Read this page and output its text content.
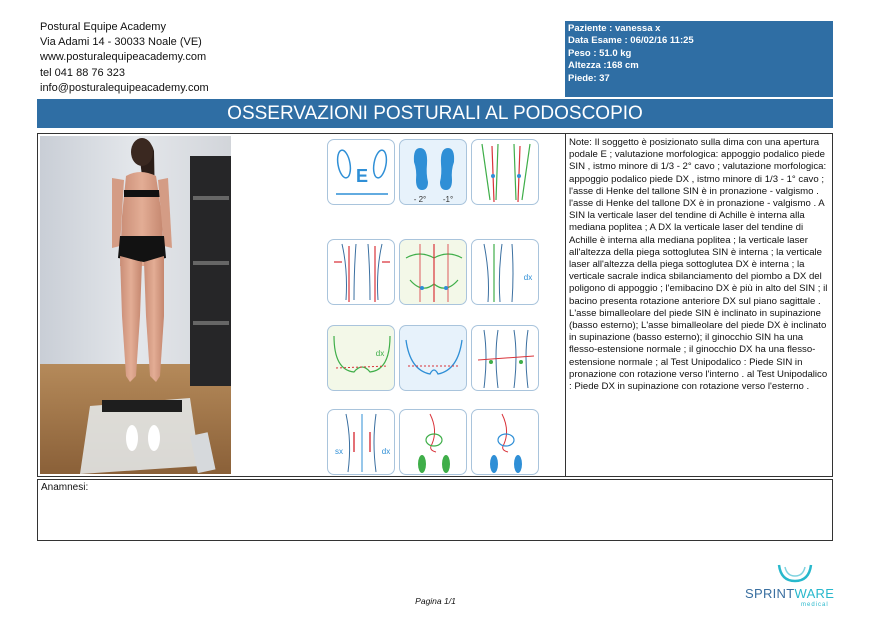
Postural Equipe Academy
Via Adami 14 - 30033 Noale (VE)
www.posturalequipeacademy.com
tel 041 88 76 323
info@posturalequipeacademy.com
Paziente : vanessa x
Data Esame : 06/02/16 11:25
Peso : 51.0 kg
Altezza :168 cm
Piede: 37
OSSERVAZIONI POSTURALI AL PODOSCOPIO
E
- 2° -1°
dx
dx
sx	dx
Note: Il soggetto è posizionato sulla dima con una apertura podale E ; valutazione morfologica: appoggio podalico piede SIN , istmo minore di 1/3 - 2° cavo ; valutazione morfologica: appoggio podalico piede DX , istmo minore di 1/3 - 1° cavo ; l'asse di Henke del tallone SIN è in pronazione - valgismo . l'asse di Henke del tallone DX è in pronazione - valgismo . A SIN la verticale laser del tendine di Achille è interna alla mediana poplitea ; A DX la verticale laser del tendine di Achille è interna alla mediana poplitea ; la verticale laser all'altezza della piega sottoglutea SIN è interna ; la verticale laser all'altezza della piega sottoglutea DX è interna ; la verticale sacrale indica sbilanciamento del piombo a DX del poligono di appoggio ; l'emibacino DX è più in alto del SIN ; il bacino presenta rotazione anteriore DX sul piano sagittale . L'asse bimalleolare del piede SIN è inclinato in supinazione (basso esterno); L'asse bimalleolare del piede DX è inclinato in supinazione (basso esterno); il ginocchio SIN ha una flesso-estensione normale ; il ginocchio DX ha una flesso-estensione normale ; al Test Unipodalico : Piede SIN in pronazione con rotazione verso l'interno . al Test Unipodalico : Piede DX in supinazione con rotazione verso l'esterno .
Anamnesi:
Pagina 1/1	SPRINTWARE
medical
